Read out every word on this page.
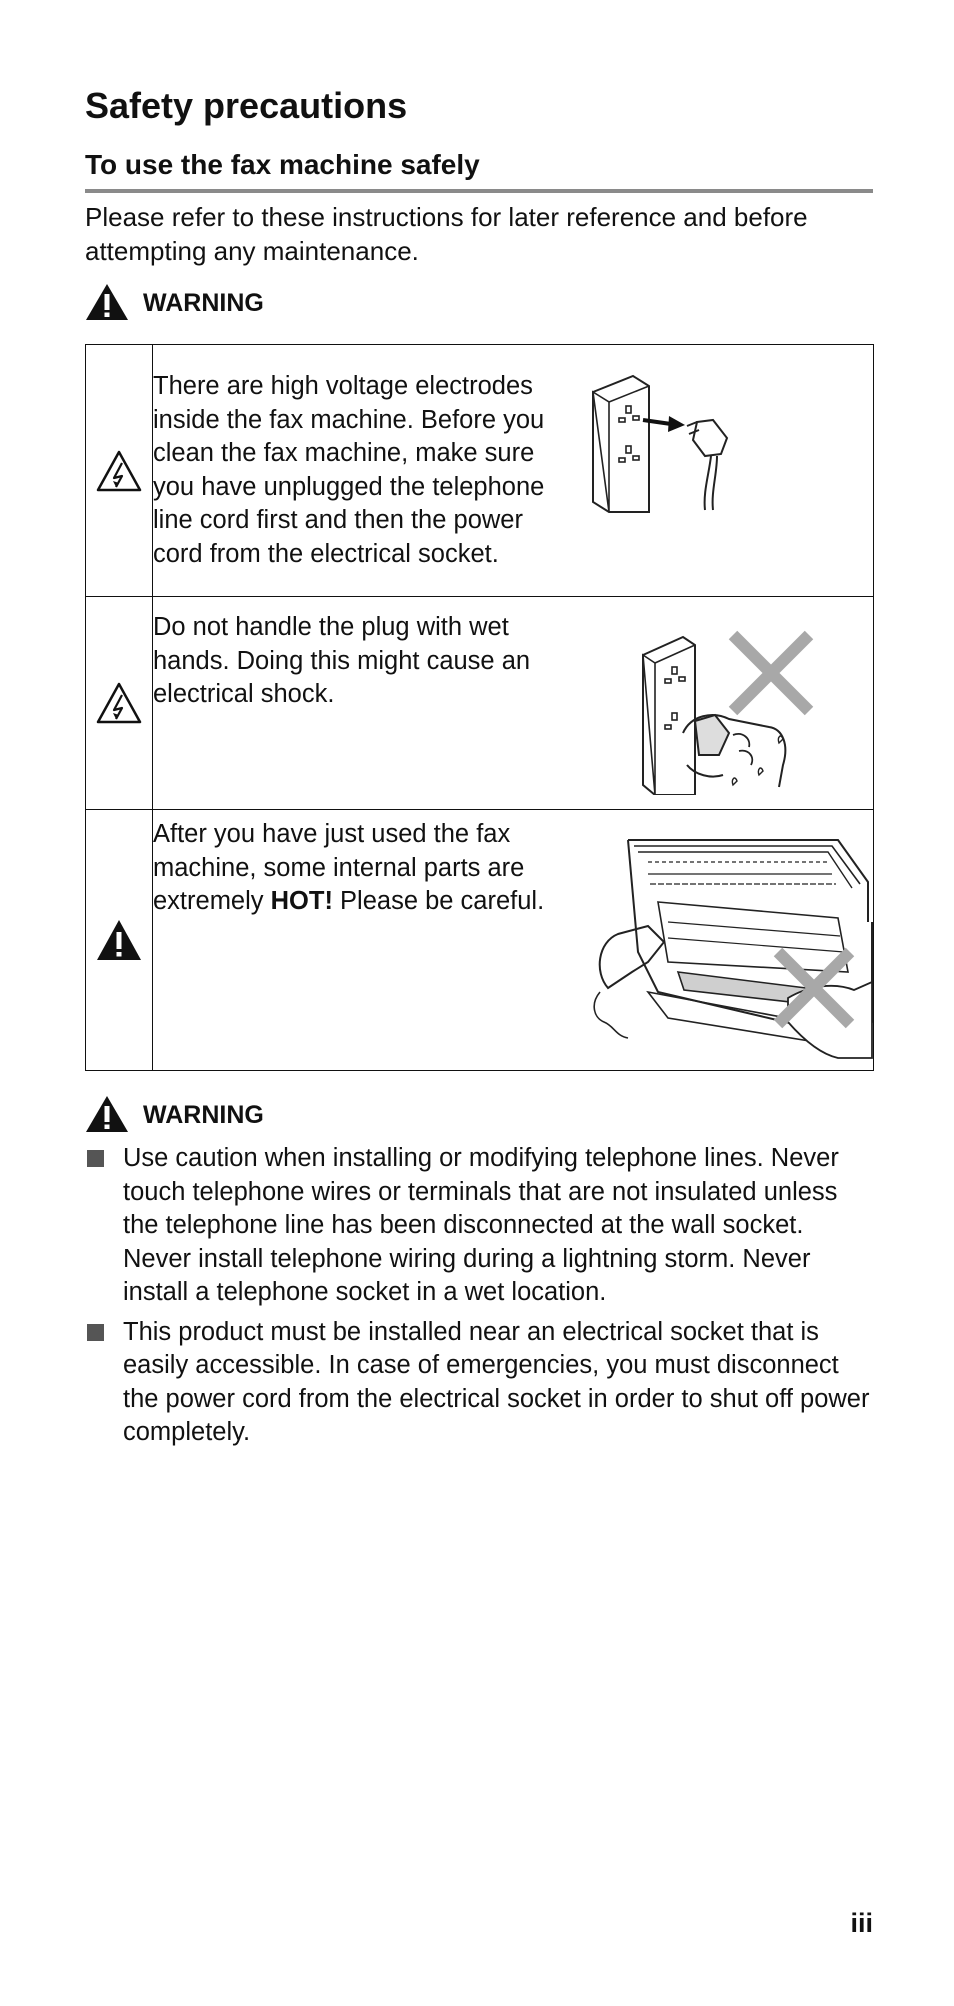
Safety precautions
To use the fax machine safely
Please refer to these instructions for later reference and before attempting any maintenance.
WARNING

There are high voltage electrodes inside the fax machine. Before you clean the fax machine, make sure you have unplugged the telephone line cord first and then the power cord from the electrical socket.

Do not handle the plug with wet hands. Doing this might cause an electrical shock.

After you have just used the fax machine, some internal parts are extremely HOT! Please be careful.
WARNING
Use caution when installing or modifying telephone lines. Never touch telephone wires or terminals that are not insulated unless the telephone line has been disconnected at the wall socket. Never install telephone wiring during a lightning storm. Never install a telephone socket in a wet location.
This product must be installed near an electrical socket that is easily accessible. In case of emergencies, you must disconnect the power cord from the electrical socket in order to shut off power completely.
iii
